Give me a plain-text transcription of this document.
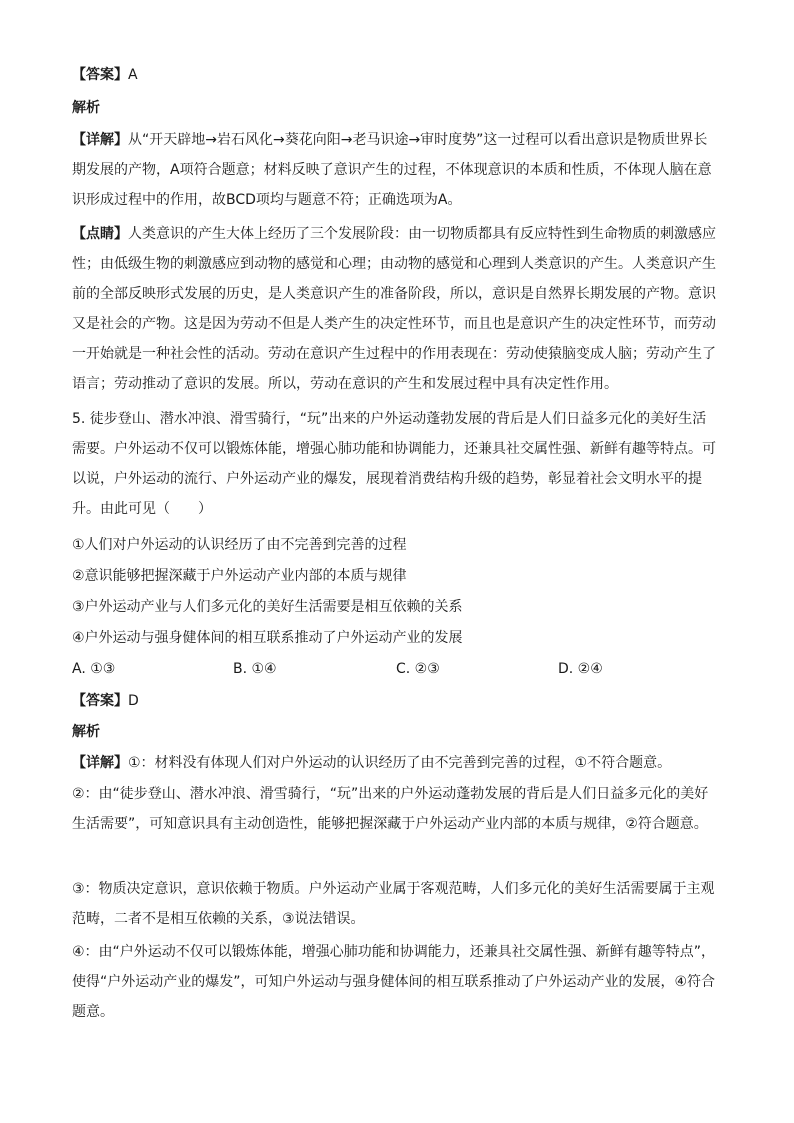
【答案】A

解析

【详解】从“开天辟地→岩石风化→葵花向阳→老马识途→审时度势”这一过程可以看出意识是物质世界长期发展的产物，A项符合题意；材料反映了意识产生的过程，不体现意识的本质和性质，不体现人脑在意识形成过程中的作用，故BCD项均与题意不符；正确选项为A。

【点睛】人类意识的产生大体上经历了三个发展阶段：由一切物质都具有反应特性到生命物质的刺激感应性；由低级生物的刺激感应到动物的感觉和心理；由动物的感觉和心理到人类意识的产生。人类意识产生前的全部反映形式发展的历史，是人类意识产生的准备阶段，所以，意识是自然界长期发展的产物。意识又是社会的产物。这是因为劳动不但是人类产生的决定性环节，而且也是意识产生的决定性环节，而劳动一开始就是一种社会性的活动。劳动在意识产生过程中的作用表现在：劳动使猿脑变成人脑；劳动产生了语言；劳动推动了意识的发展。所以，劳动在意识的产生和发展过程中具有决定性作用。

5. 徒步登山、潜水冲浪、滑雪骑行，“玩”出来的户外运动蓬勃发展的背后是人们日益多元化的美好生活需要。户外运动不仅可以锻炼体能，增强心肺功能和协调能力，还兼具社交属性强、新鲜有趣等特点。可以说，户外运动的流行、户外运动产业的爆发，展现着消费结构升级的趋势，彰显着社会文明水平的提升。由此可见（　　）

①人们对户外运动的认识经历了由不完善到完善的过程

②意识能够把握深藏于户外运动产业内部的本质与规律

③户外运动产业与人们多元化的美好生活需要是相互依赖的关系

④户外运动与强身健体间的相互联系推动了户外运动产业的发展

A. ①③	B. ①④	C. ②③	D. ②④

【答案】D

解析

【详解】①：材料没有体现人们对户外运动的认识经历了由不完善到完善的过程，①不符合题意。

②：由“徒步登山、潜水冲浪、滑雪骑行，“玩”出来的户外运动蓬勃发展的背后是人们日益多元化的美好生活需要”，可知意识具有主动创造性，能够把握深藏于户外运动产业内部的本质与规律，②符合题意。

③：物质决定意识，意识依赖于物质。户外运动产业属于客观范畴，人们多元化的美好生活需要属于主观范畴，二者不是相互依赖的关系，③说法错误。

④：由“户外运动不仅可以锻炼体能，增强心肺功能和协调能力，还兼具社交属性强、新鲜有趣等特点”，使得“户外运动产业的爆发”，可知户外运动与强身健体间的相互联系推动了户外运动产业的发展，④符合题意。
